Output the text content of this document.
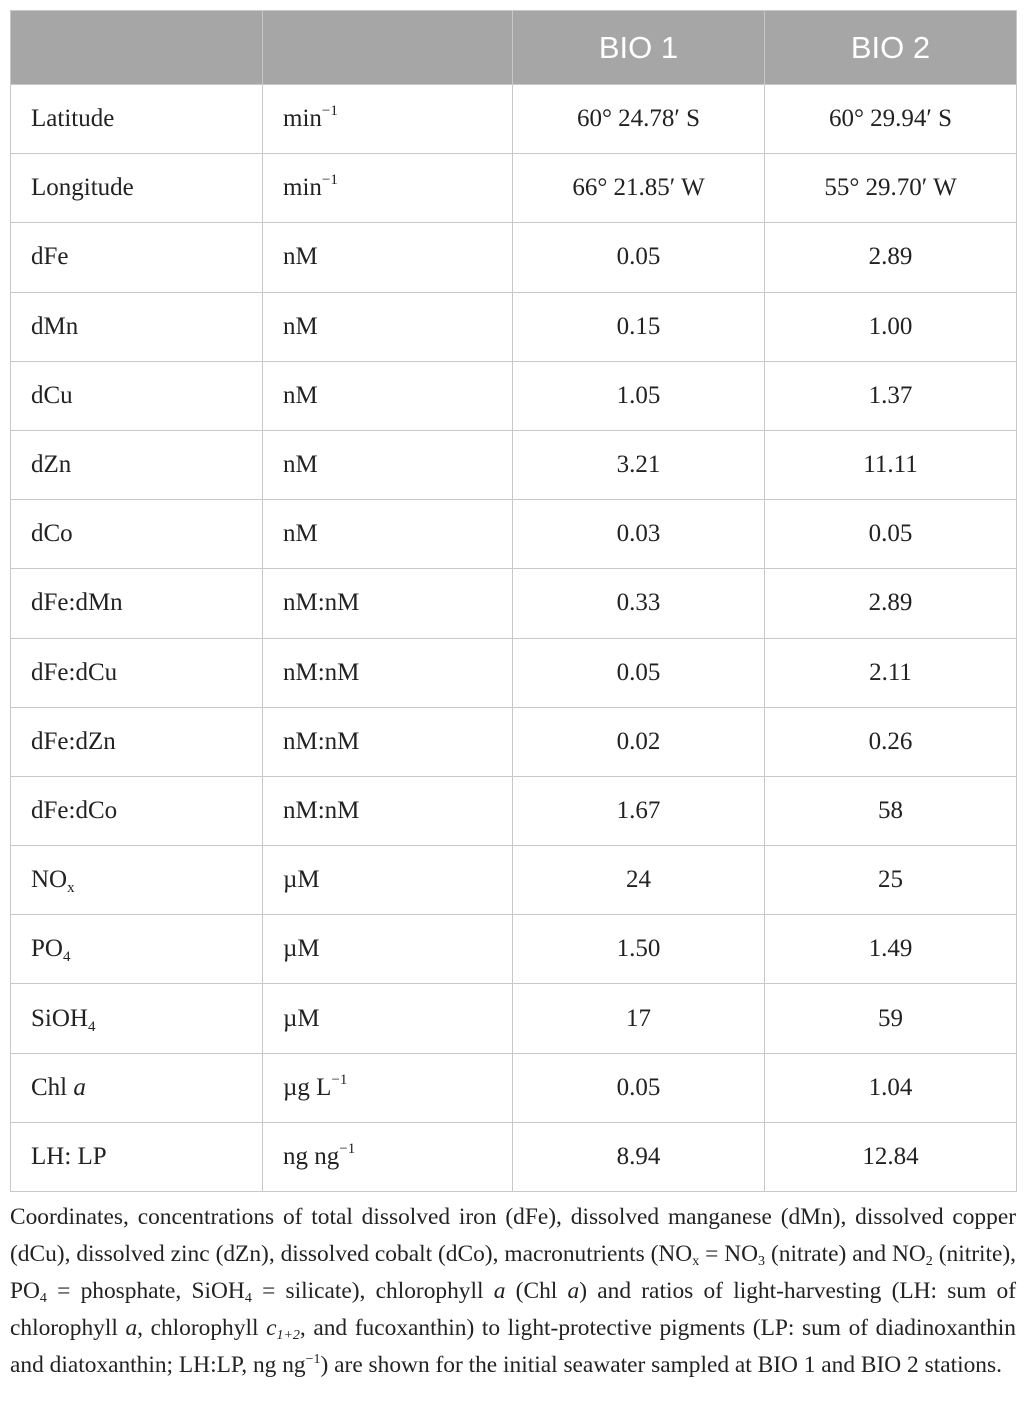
		BIO 1	BIO 2
Latitude	$\min^{-1}$	60° 24.78′ S	60° 29.94′ S
Longitude	$\min^{-1}$	66° 21.85′ W	55° 29.70′ W
dFe	nM	0.05	2.89
dMn	nM	0.15	1.00
dCu	nM	1.05	1.37
dZn	nM	3.21	11.11
dCo	nM	0.03	0.05
dFe:dMn	nM:nM	0.33	2.89
dFe:dCu	nM:nM	0.05	2.11
dFe:dZn	nM:nM	0.02	0.26
dFe:dCo	nM:nM	1.67	58
$NO_x$	µM	24	25
$PO_4$	µM	1.50	1.49
SiOH$_4$	µM	17	59
Chl a	µg $L^{-1}$	0.05	1.04
LH: LP	ng $ng^{-1}$	8.94	12.84
Coordinates, concentrations of total dissolved iron (dFe), dissolved manganese (dMn), dissolved copper (dCu), dissolved zinc (dZn), dissolved cobalt (dCo), macronutrients ($NO_x = NO_3$ (nitrate) and $NO_2$ (nitrite), $PO_4$ = phosphate, SiOH$_4$ = silicate), chlorophyll a (Chl a) and ratios of light-harvesting (LH: sum of chlorophyll a, chlorophyll $c_{1+2}$, and fucoxanthin) to light-protective pigments (LP: sum of diadinoxanthin and diatoxanthin; LH:LP, ng $ng^{-1}$) are shown for the initial seawater sampled at BIO 1 and BIO 2 stations.
